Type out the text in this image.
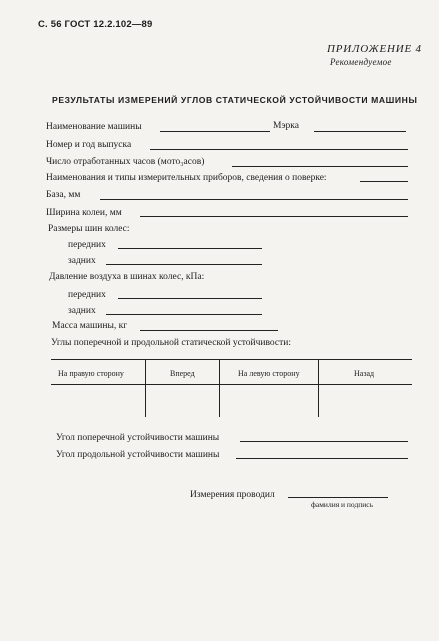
С. 56 ГОСТ 12.2.102—89
ПРИЛОЖЕНИЕ 4
Рекомендуемое
РЕЗУЛЬТАТЫ ИЗМЕРЕНИЙ УГЛОВ СТАТИЧЕСКОЙ УСТОЙЧИВОСТИ МАШИНЫ
Наименование машины	Мэрка
Номер и год выпуска
Число отработанных часов (мото₃асов)
Наименования и типы измерительных приборов, сведения о поверке:
База, мм
Ширина колеи, мм
Размеры шин колес:
передних
задних
Давление воздуха в шинах колес, кПа:
передних
задних
Масса машины, кг
Углы поперечной и продольной статической устойчивости:
На правую сторону	Вперед	На левую сторону	Назад
Угол поперечной устойчивости машины
Угол продольной устойчивости машины
Измерения проводил
фамилия и подпись
